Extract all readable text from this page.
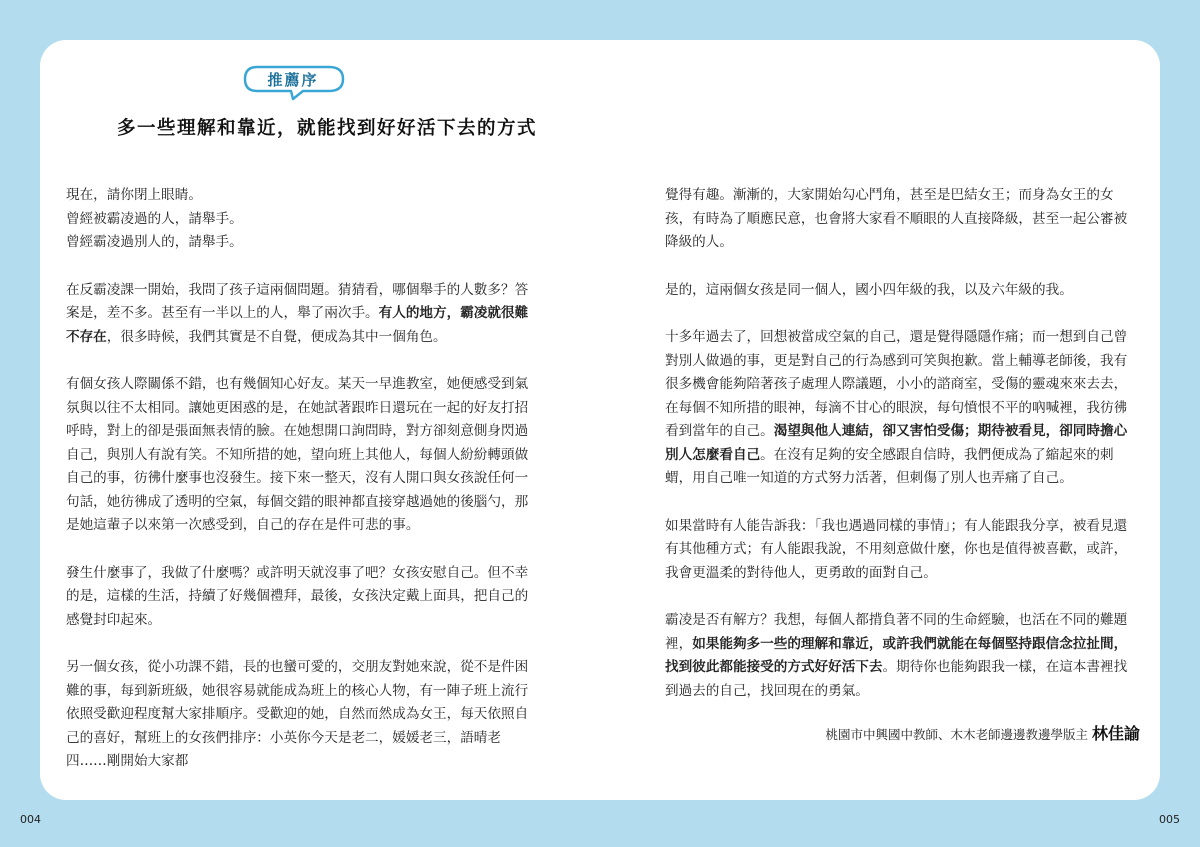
推薦序
多一些理解和靠近，就能找到好好活下去的方式

現在，請你閉上眼睛。

曾經被霸凌過的人，請舉手。

曾經霸凌過別人的，請舉手。

在反霸凌課一開始，我問了孩子這兩個問題。猜猜看，哪個舉手的人數多？答案是，差不多。甚至有一半以上的人，舉了兩次手。有人的地方，霸凌就很難不存在，很多時候，我們其實是不自覺，便成為其中一個角色。

有個女孩人際關係不錯，也有幾個知心好友。某天一早進教室，她便感受到氣氛與以往不太相同。讓她更困惑的是，在她試著跟昨日還玩在一起的好友打招呼時，對上的卻是張面無表情的臉。在她想開口詢問時，對方卻刻意側身閃過自己，與別人有說有笑。不知所措的她，望向班上其他人，每個人紛紛轉頭做自己的事，彷彿什麼事也沒發生。接下來一整天，沒有人開口與女孩說任何一句話，她彷彿成了透明的空氣，每個交錯的眼神都直接穿越過她的後腦勺，那是她這輩子以來第一次感受到，自己的存在是件可悲的事。

發生什麼事了，我做了什麼嗎？或許明天就沒事了吧？女孩安慰自己。但不幸的是，這樣的生活，持續了好幾個禮拜，最後，女孩決定戴上面具，把自己的感覺封印起來。

另一個女孩，從小功課不錯，長的也蠻可愛的，交朋友對她來說，從不是件困難的事，每到新班級，她很容易就能成為班上的核心人物，有一陣子班上流行依照受歡迎程度幫大家排順序。受歡迎的她，自然而然成為女王，每天依照自己的喜好，幫班上的女孩們排序：小英你今天是老二，媛媛老三，語晴老四……剛開始大家都

覺得有趣。漸漸的，大家開始勾心鬥角，甚至是巴結女王；而身為女王的女孩，有時為了順應民意，也會將大家看不順眼的人直接降級，甚至一起公審被降級的人。

是的，這兩個女孩是同一個人，國小四年級的我，以及六年級的我。

十多年過去了，回想被當成空氣的自己，還是覺得隱隱作痛；而一想到自己曾對別人做過的事，更是對自己的行為感到可笑與抱歉。當上輔導老師後，我有很多機會能夠陪著孩子處理人際議題，小小的諮商室，受傷的靈魂來來去去，在每個不知所措的眼神，每滴不甘心的眼淚，每句憤恨不平的吶喊裡，我彷彿看到當年的自己。渴望與他人連結，卻又害怕受傷；期待被看見，卻同時擔心別人怎麼看自己。在沒有足夠的安全感跟自信時，我們便成為了縮起來的刺蝟，用自己唯一知道的方式努力活著，但刺傷了別人也弄痛了自己。

如果當時有人能告訴我：「我也遇過同樣的事情」；有人能跟我分享，被看見還有其他種方式；有人能跟我說，不用刻意做什麼，你也是值得被喜歡，或許，我會更溫柔的對待他人，更勇敢的面對自己。

霸凌是否有解方？我想，每個人都揹負著不同的生命經驗，也活在不同的難題裡，如果能夠多一些的理解和靠近，或許我們就能在每個堅持跟信念拉扯間，找到彼此都能接受的方式好好活下去。期待你也能夠跟我一樣，在這本書裡找到過去的自己，找回現在的勇氣。

桃園市中興國中教師、木木老師邊邊教邊學版主 林佳諭
004	005
